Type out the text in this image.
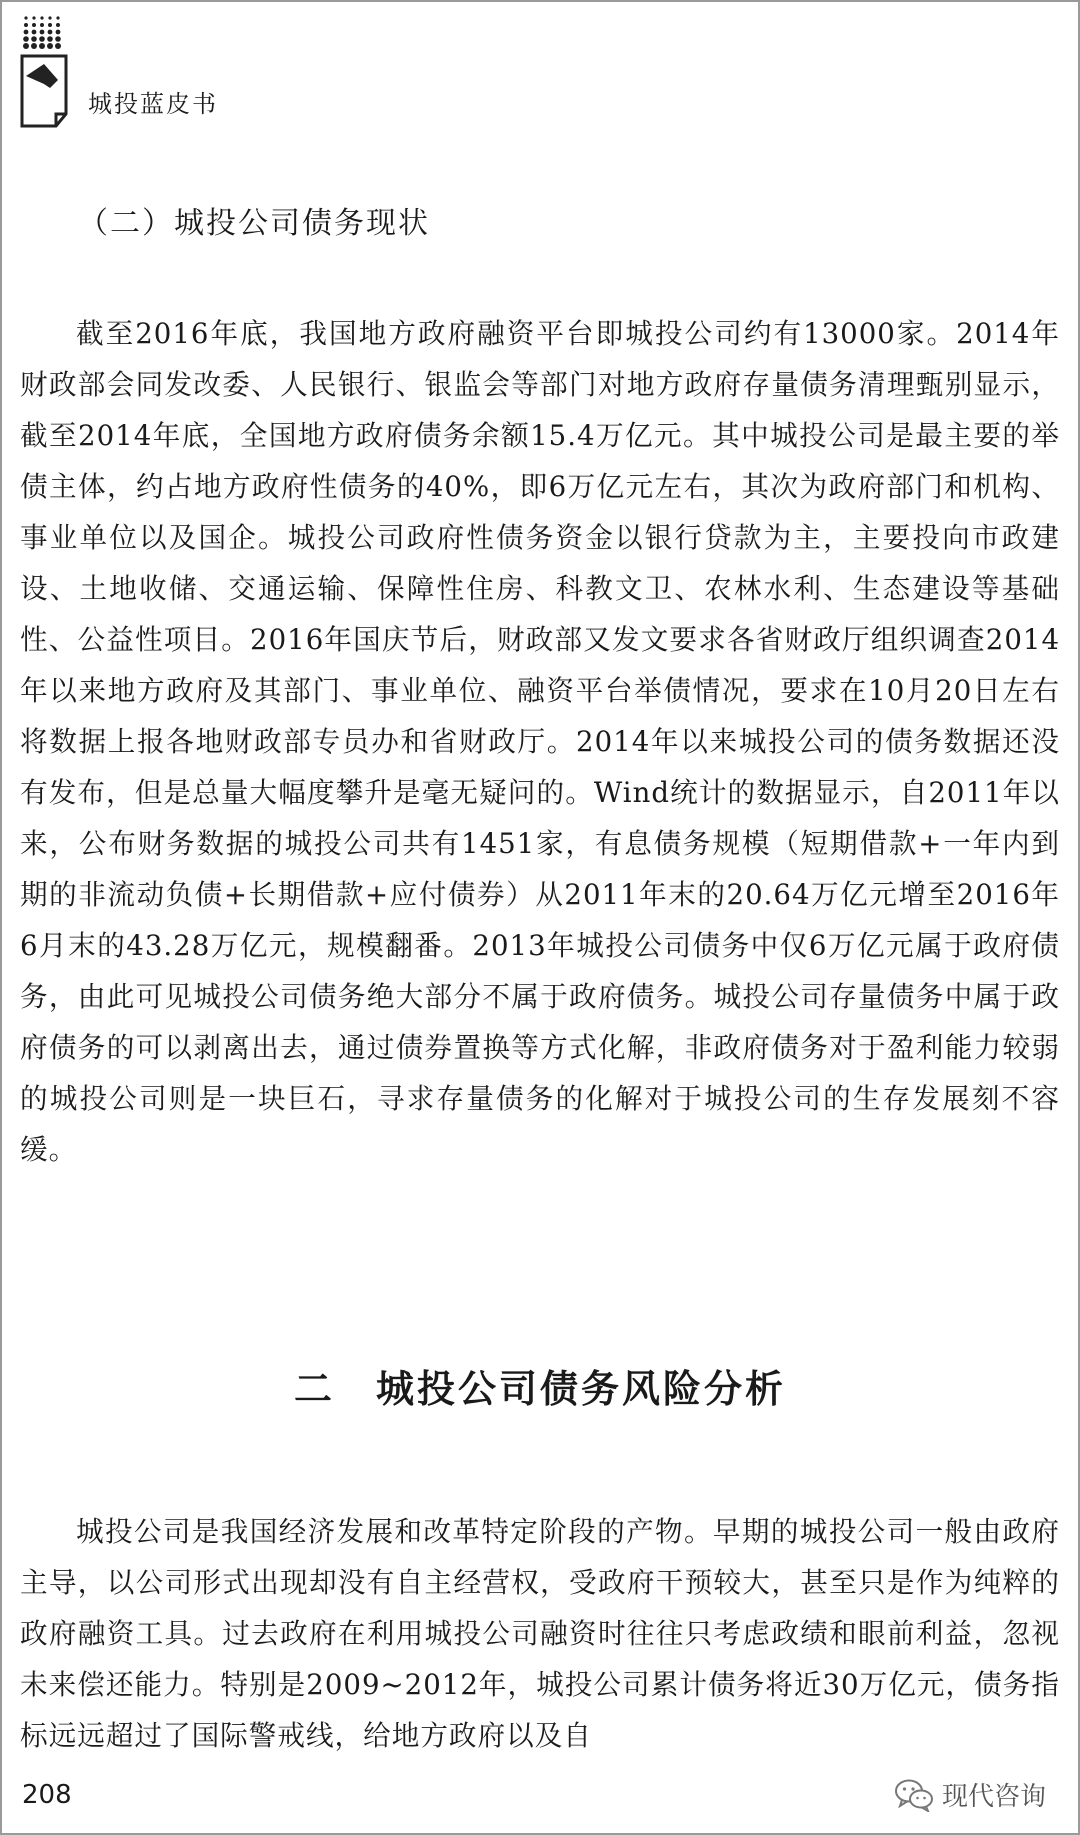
城投蓝皮书
（二）城投公司债务现状

截至2016年底，我国地方政府融资平台即城投公司约有13000家。2014年财政部会同发改委、人民银行、银监会等部门对地方政府存量债务清理甄别显示，截至2014年底，全国地方政府债务余额15.4万亿元。其中城投公司是最主要的举债主体，约占地方政府性债务的40%，即6万亿元左右，其次为政府部门和机构、事业单位以及国企。城投公司政府性债务资金以银行贷款为主，主要投向市政建设、土地收储、交通运输、保障性住房、科教文卫、农林水利、生态建设等基础性、公益性项目。2016年国庆节后，财政部又发文要求各省财政厅组织调查2014年以来地方政府及其部门、事业单位、融资平台举债情况，要求在10月20日左右将数据上报各地财政部专员办和省财政厅。2014年以来城投公司的债务数据还没有发布，但是总量大幅度攀升是毫无疑问的。Wind统计的数据显示，自2011年以来，公布财务数据的城投公司共有1451家，有息债务规模（短期借款+一年内到期的非流动负债+长期借款+应付债券）从2011年末的20.64万亿元增至2016年6月末的43.28万亿元，规模翻番。2013年城投公司债务中仅6万亿元属于政府债务，由此可见城投公司债务绝大部分不属于政府债务。城投公司存量债务中属于政府债务的可以剥离出去，通过债券置换等方式化解，非政府债务对于盈利能力较弱的城投公司则是一块巨石，寻求存量债务的化解对于城投公司的生存发展刻不容缓。

二　城投公司债务风险分析

城投公司是我国经济发展和改革特定阶段的产物。早期的城投公司一般由政府主导，以公司形式出现却没有自主经营权，受政府干预较大，甚至只是作为纯粹的政府融资工具。过去政府在利用城投公司融资时往往只考虑政绩和眼前利益，忽视未来偿还能力。特别是2009~2012年，城投公司累计债务将近30万亿元，债务指标远远超过了国际警戒线，给地方政府以及自

208	现代咨询
